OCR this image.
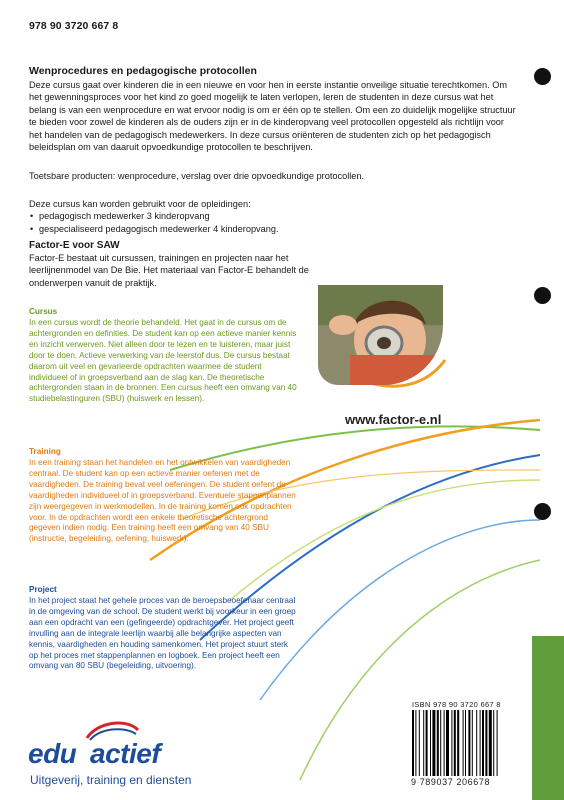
978 90 3720 667 8
Wenprocedures en pedagogische protocollen

Deze cursus gaat over kinderen die in een nieuwe en voor hen in eerste instantie onveilige situatie terechtkomen. Om het gewenningsproces voor het kind zo goed mogelijk te laten verlopen, leren de studenten in deze cursus wat het belang is van een wenprocedure en wat ervoor nodig is om er één op te stellen. Om een zo duidelijk mogelijke structuur te bieden voor zowel de kinderen als de ouders zijn er in de kinderopvang veel protocollen opgesteld als richtlijn voor het handelen van de pedagogisch medewerkers. In deze cursus oriënteren de studenten zich op het pedagogisch beleidsplan om van daaruit opvoedkundige protocollen te beschrijven.

Toetsbare producten: wenprocedure, verslag over drie opvoedkundige protocollen.

Deze cursus kan worden gebruikt voor de opleidingen:
• pedagogisch medewerker 3 kinderopvang
• gespecialiseerd pedagogisch medewerker 4 kinderopvang.
Factor-E voor SAW

Factor-E bestaat uit cursussen, trainingen en projecten naar het leerlijnenmodel van De Bie. Het materiaal van Factor-E behandelt de onderwerpen vanuit de praktijk.

Cursus

In een cursus wordt de theorie behandeld. Het gaat in de cursus om de achtergronden en definities. De student kan op een actieve manier kennis en inzicht verwerven. Niet alleen door te lezen en te luisteren, maar juist door te doen. Actieve verwerking van de leerstof dus. De cursus bestaat daarom uit veel en gevarieerde opdrachten waarmee de student individueel of in groepsverband aan de slag kan. De theoretische achtergronden staan in de bronnen. Een cursus heeft een omvang van 40 studiebelastinguren (SBU) (huiswerk en lessen).

Training

In een training staan het handelen en het ontwikkelen van vaardigheden centraal. De student kan op een actieve manier oefenen met de vaardigheden. De training bevat veel oefeningen. De student oefent de vaardigheden individueel of in groepsverband. Eventuele stappenplannen zijn weergegeven in werkmodellen. In de training komen ook opdrachten voor. In de opdrachten wordt een enkele theoretische achtergrond gegeven indien nodig. Een training heeft een omvang van 40 SBU (instructie, begeleiding, oefening, huiswerk).

Project

In het project staat het gehele proces van de beroepsbeoefenaar centraal in de omgeving van de school. De student werkt bij voorkeur in een groep aan een opdracht van een (gefingeerde) opdrachtgever. Het project geeft invulling aan de integrale leerlijn waarbij alle belangrijke aspecten van kennis, vaardigheden en houding samenkomen. Het project stuurt sterk op het proces met stappenplannen en logboek. Een project heeft een omvang van 80 SBU (begeleiding, uitvoering).

www.factor-e.nl
edu actief
Uitgeverij, training en diensten
ISBN 978 90 3720 667 8
9 789037 206678
